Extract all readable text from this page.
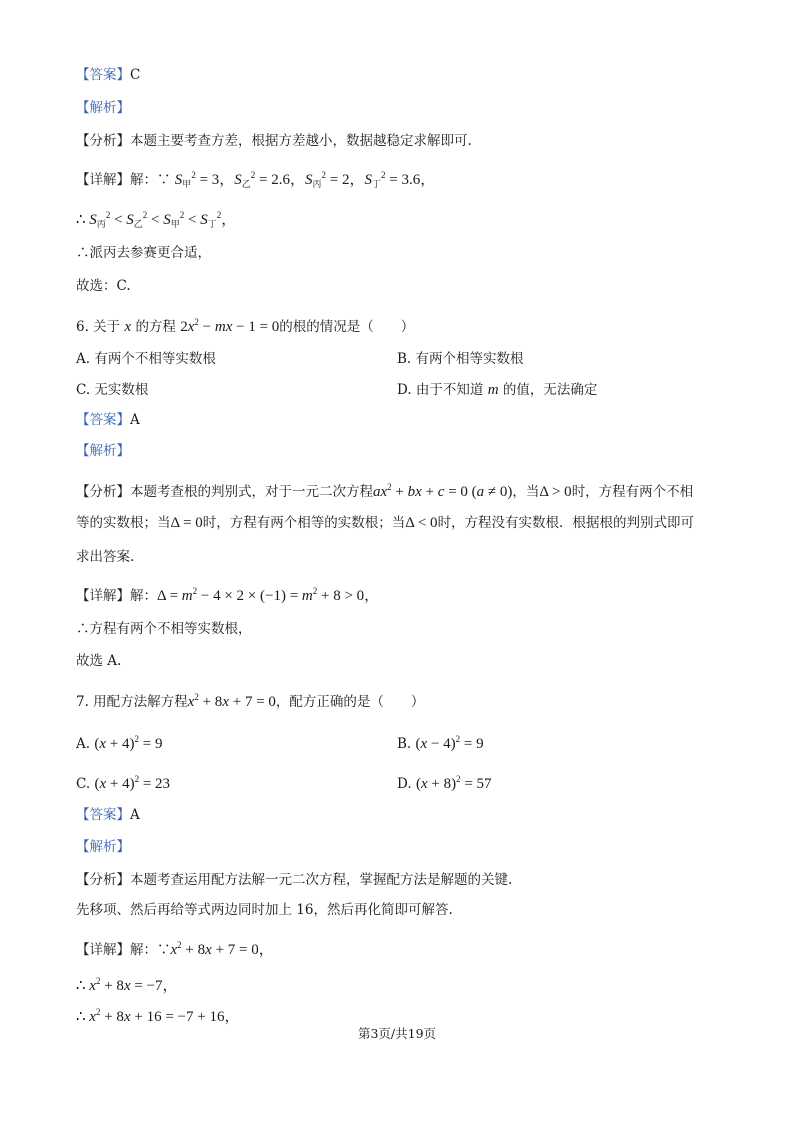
【答案】C
【解析】
【分析】本题主要考查方差，根据方差越小，数据越稳定求解即可.
【详解】解：∵ $S_甲^2 = 3$，$S_乙^2 = 2.6$，$S_丙^2 = 2$，$S_丁^2 = 3.6$，
∴ $S_丙^2 < S_乙^2 < S_甲^2 < S_丁^2$，
∴派丙去参赛更合适，
故选：C.
6. 关于 x 的方程 $2x^2$ − mx − 1 = 0的根的情况是（　　）
A. 有两个不相等实数根	B. 有两个相等实数根
C. 无实数根	D. 由于不知道 m 的值，无法确定
【答案】A
【解析】
【分析】本题考查根的判别式，对于一元二次方程$ax^2$ + bx + c = 0 (a ≠ 0)，当Δ > 0时，方程有两个不相
等的实数根；当Δ = 0时，方程有两个相等的实数根；当Δ < 0时，方程没有实数根．根据根的判别式即可
求出答案.
【详解】解：$\Delta = m^2 - 4 \times 2 \times (-1) = m^2 + 8 > 0$，
∴方程有两个不相等实数根，
故选 A.
7. 用配方法解方程$x^2 + 8x + 7 = 0$，配方正确的是（　　）
A. $(x + 4)^2 = 9$	B. $(x - 4)^2 = 9$
C. $(x + 4)^2 = 23$	D. $(x + 8)^2 = 57$
【答案】A
【解析】
【分析】本题考查运用配方法解一元二次方程，掌握配方法是解题的关键.
先移项、然后再给等式两边同时加上 16，然后再化简即可解答.
【详解】解：$\because x^2 + 8x + 7 = 0$，
∴ $x^2 + 8x = -7$，
∴ $x^2 + 8x + 16 = -7 + 16$，
第3页/共19页
